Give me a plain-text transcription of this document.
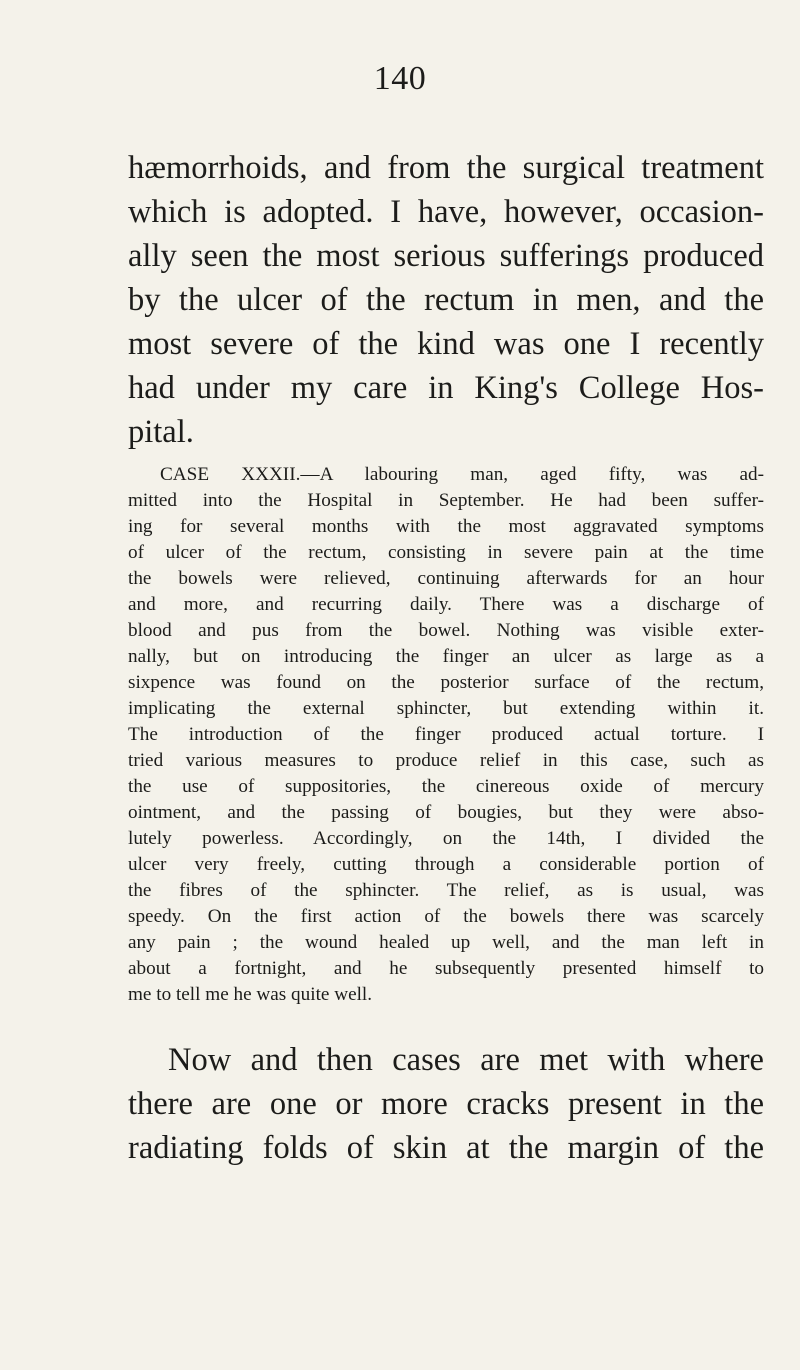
140
hæmorrhoids, and from the surgical treatment
which is adopted. I have, however, occasion-
ally seen the most serious sufferings produced
by the ulcer of the rectum in men, and the
most severe of the kind was one I recently
had under my care in King's College Hos-
pital.
CASE XXXII.—A labouring man, aged fifty, was ad-
mitted into the Hospital in September. He had been suffer-
ing for several months with the most aggravated symptoms
of ulcer of the rectum, consisting in severe pain at the time
the bowels were relieved, continuing afterwards for an hour
and more, and recurring daily. There was a discharge of
blood and pus from the bowel. Nothing was visible exter-
nally, but on introducing the finger an ulcer as large as a
sixpence was found on the posterior surface of the rectum,
implicating the external sphincter, but extending within it.
The introduction of the finger produced actual torture. I
tried various measures to produce relief in this case, such as
the use of suppositories, the cinereous oxide of mercury
ointment, and the passing of bougies, but they were abso-
lutely powerless. Accordingly, on the 14th, I divided the
ulcer very freely, cutting through a considerable portion of
the fibres of the sphincter. The relief, as is usual, was
speedy. On the first action of the bowels there was scarcely
any pain ; the wound healed up well, and the man left in
about a fortnight, and he subsequently presented himself to
me to tell me he was quite well.
Now and then cases are met with where
there are one or more cracks present in the
radiating folds of skin at the margin of the
